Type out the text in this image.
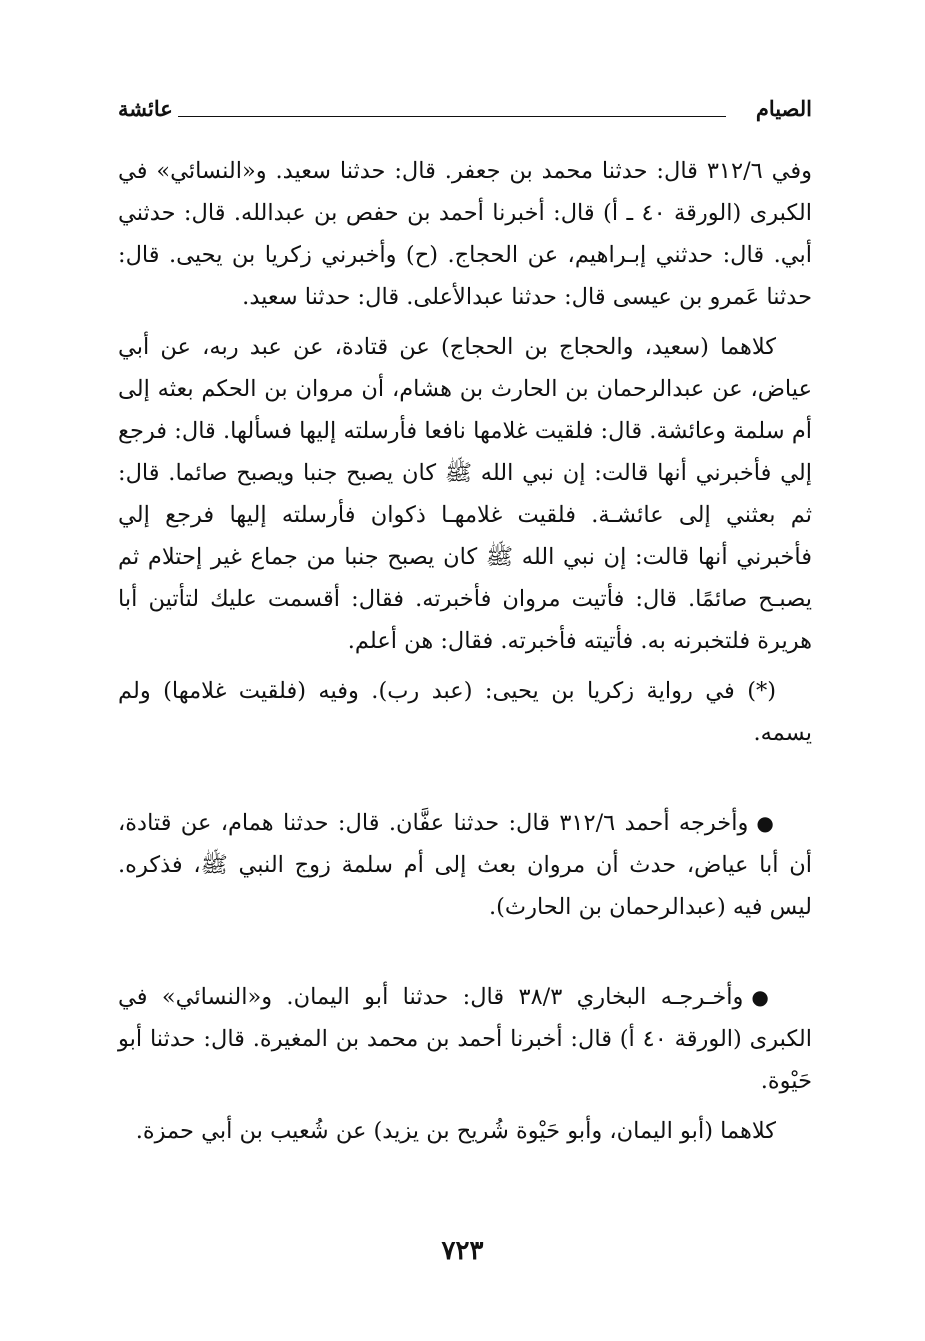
الصيام
عائشة

وفي ٣١٢/٦ قال: حدثنا محمد بن جعفر. قال: حدثنا سعيد. و«النسائي» في الكبرى (الورقة ٤٠ ـ أ) قال: أخبرنا أحمد بن حفص بن عبدالله. قال: حدثني أبي. قال: حدثني إبـراهيم، عن الحجاج. (ح) وأخبرني زكريا بن يحيى. قال: حدثنا عَمرو بن عيسى قال: حدثنا عبدالأعلى. قال: حدثنا سعيد.

كلاهما (سعيد، والحجاج بن الحجاج) عن قتادة، عن عبد ربه، عن أبي عياض، عن عبدالرحمان بن الحارث بن هشام، أن مروان بن الحكم بعثه إلى أم سلمة وعائشة. قال: فلقيت غلامها نافعا فأرسلته إليها فسألها. قال: فرجع إلي فأخبرني أنها قالت: إن نبي الله ﷺ كان يصبح جنبا ويصبح صائما. قال: ثم بعثني إلى عائشـة. فلقيت غلامهـا ذكوان فأرسلته إليها فرجع إلي فأخبرني أنها قالت: إن نبي الله ﷺ كان يصبح جنبا من جماع غير إحتلام ثم يصبـح صائمًا. قال: فأتيت مروان فأخبرته. فقال: أقسمت عليك لتأتين أبا هريرة فلتخبرنه به. فأتيته فأخبرته. فقال: هن أعلم.

(*) في رواية زكريا بن يحيى: (عبد رب). وفيه (فلقيت غلامها) ولم يسمه.

●وأخرجه أحمد ٣١٢/٦ قال: حدثنا عفَّان. قال: حدثنا همام، عن قتادة، أن أبا عياض، حدث أن مروان بعث إلى أم سلمة زوج النبي ﷺ، فذكره. ليس فيه (عبدالرحمان بن الحارث).

●وأخـرجـه البخاري ٣٨/٣ قال: حدثنا أبو اليمان. و«النسائي» في الكبرى (الورقة ٤٠ أ) قال: أخبرنا أحمد بن محمد بن المغيرة. قال: حدثنا أبو حَيْوة.

كلاهما (أبو اليمان، وأبو حَيْوة شُريح بن يزيد) عن شُعيب بن أبي حمزة.

٧٢٣
